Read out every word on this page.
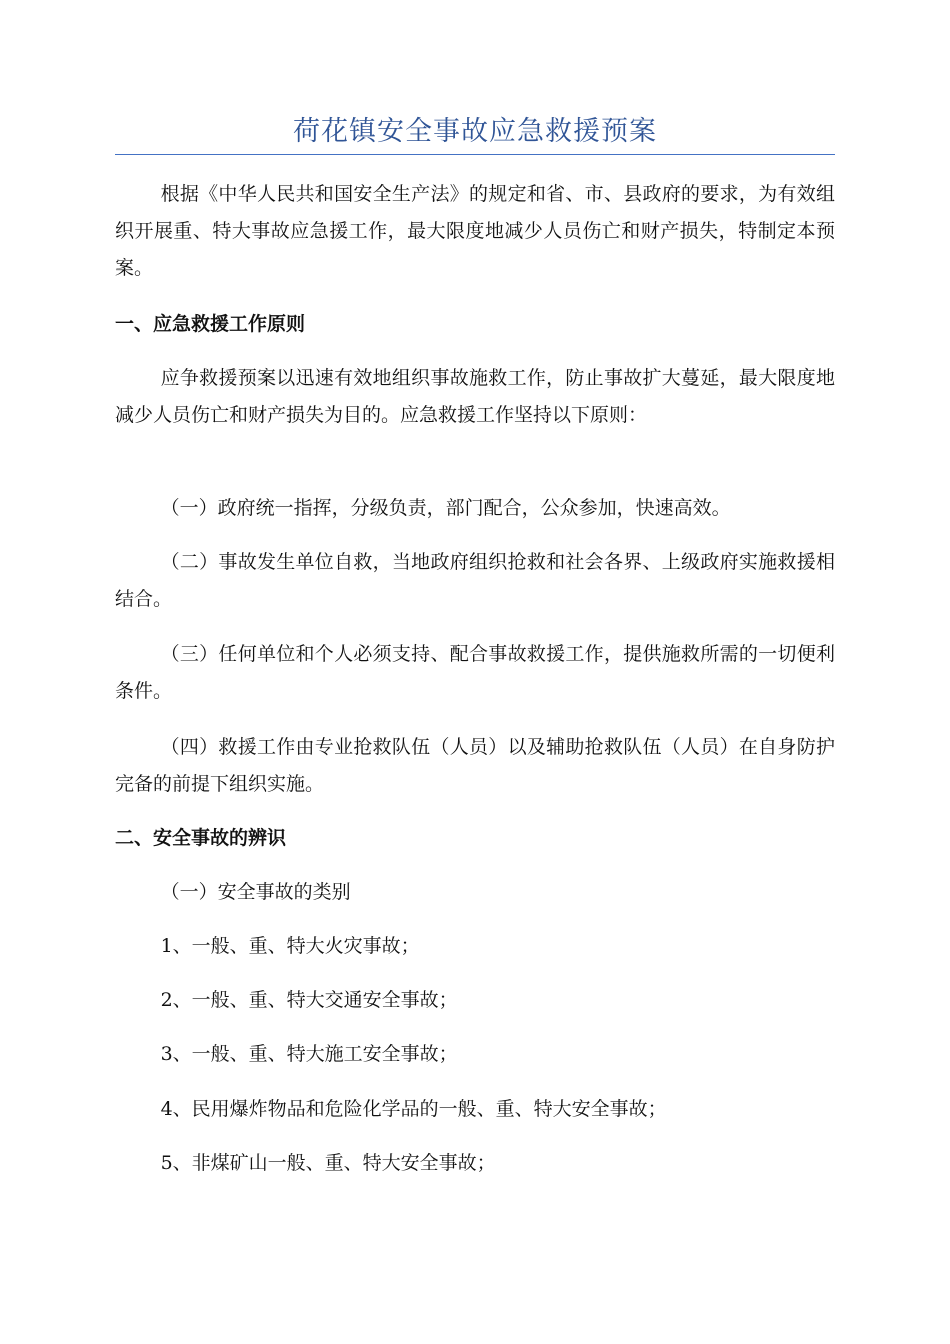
荷花镇安全事故应急救援预案

根据《中华人民共和国安全生产法》的规定和省、市、县政府的要求，为有效组织开展重、特大事故应急援工作，最大限度地减少人员伤亡和财产损失，特制定本预案。

一、应急救援工作原则

应争救援预案以迅速有效地组织事故施救工作，防止事故扩大蔓延，最大限度地减少人员伤亡和财产损失为目的。应急救援工作坚持以下原则：

（一）政府统一指挥，分级负责，部门配合，公众参加，快速高效。

（二）事故发生单位自救，当地政府组织抢救和社会各界、上级政府实施救援相结合。

（三）任何单位和个人必须支持、配合事故救援工作，提供施救所需的一切便利条件。

（四）救援工作由专业抢救队伍（人员）以及辅助抢救队伍（人员）在自身防护完备的前提下组织实施。

二、安全事故的辨识

（一）安全事故的类别

1、一般、重、特大火灾事故；

2、一般、重、特大交通安全事故；

3、一般、重、特大施工安全事故；

4、民用爆炸物品和危险化学品的一般、重、特大安全事故；

5、非煤矿山一般、重、特大安全事故；
